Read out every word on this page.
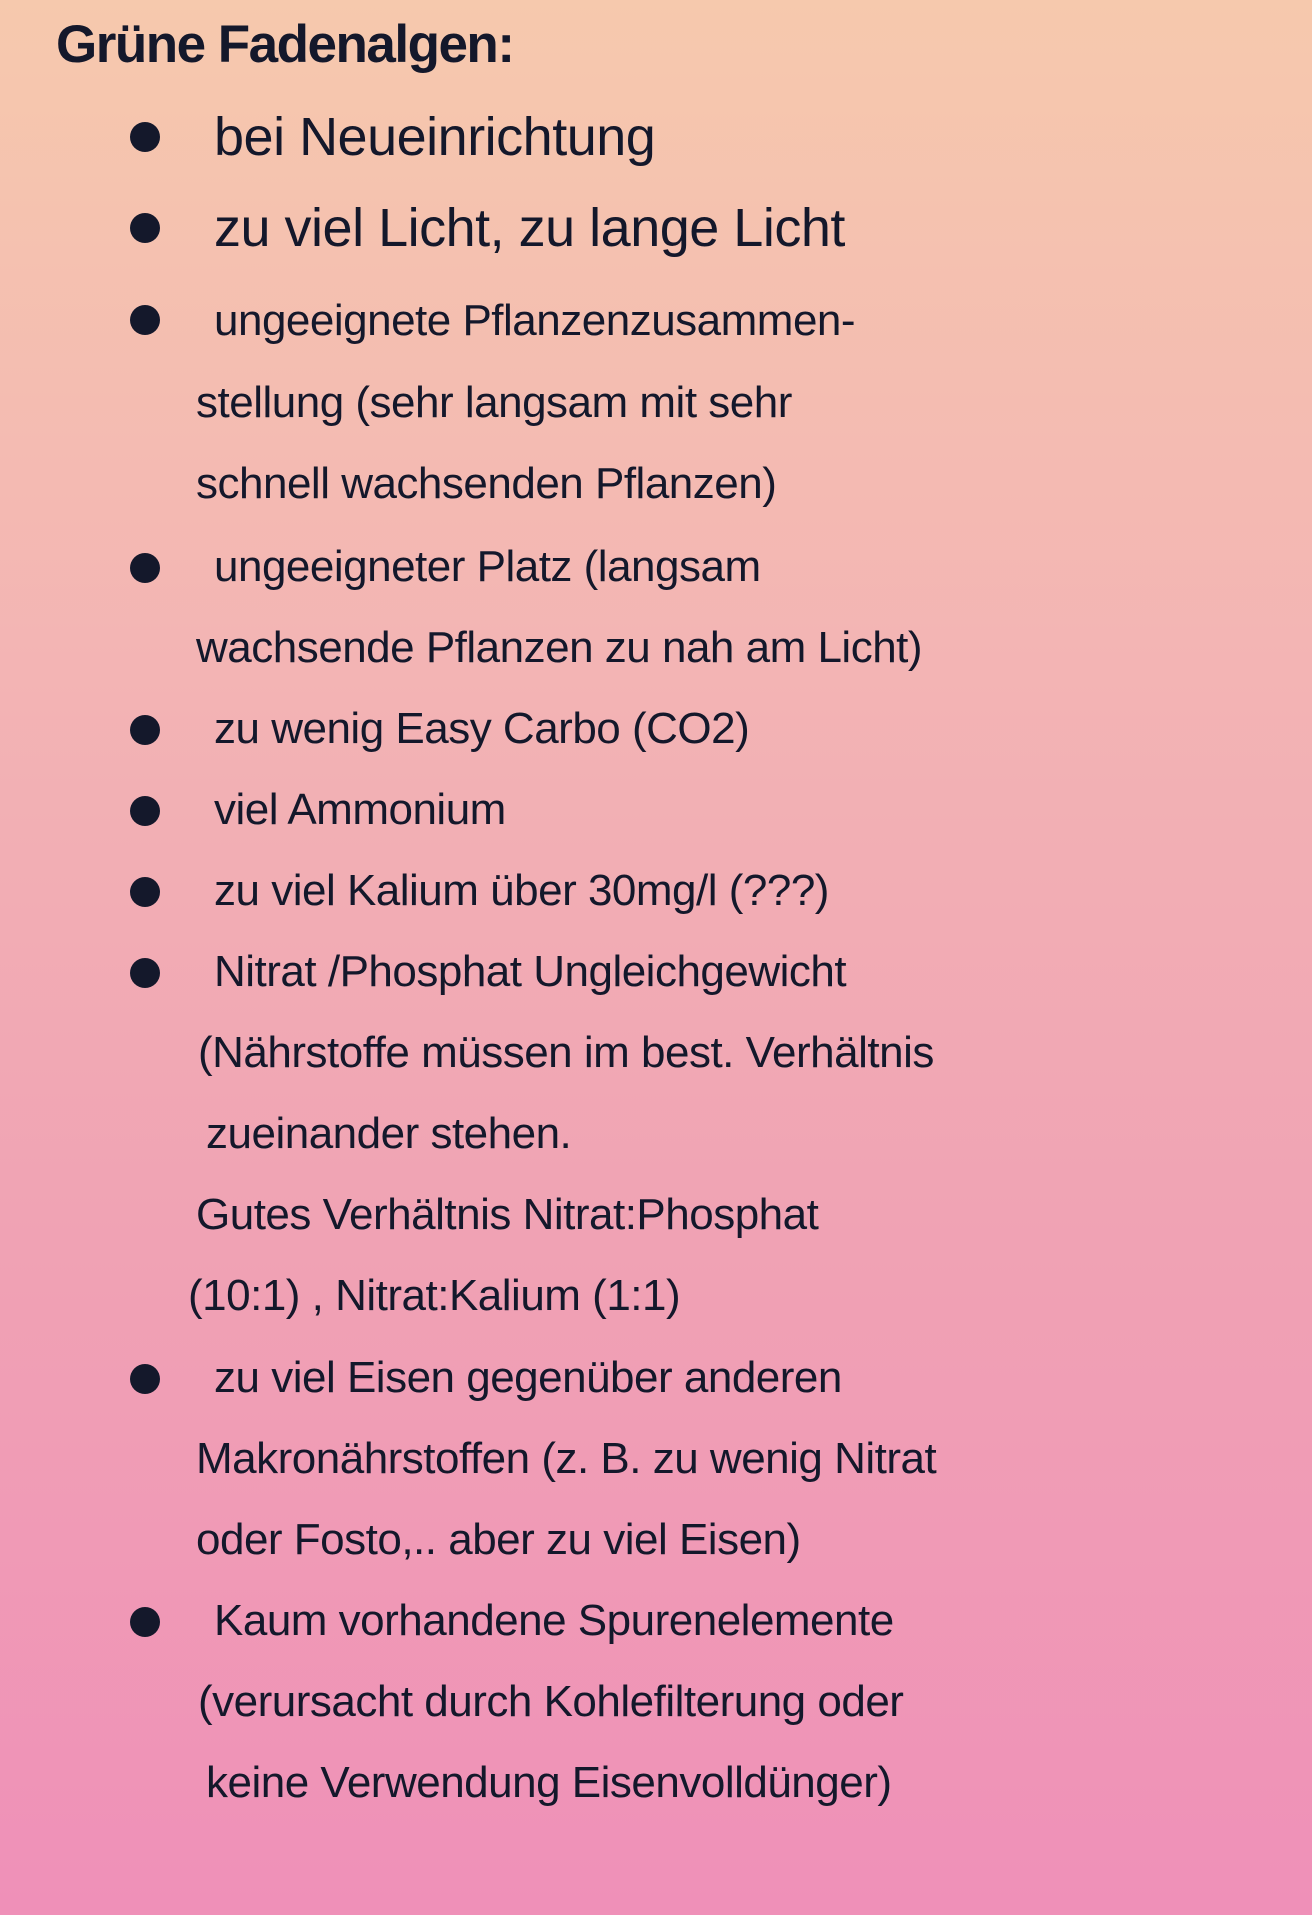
Grüne Fadenalgen:
bei Neueinrichtung
zu viel Licht, zu lange Licht
ungeeignete Pflanzenzusammen-
stellung (sehr langsam mit sehr
schnell wachsenden Pflanzen)
ungeeigneter Platz (langsam
wachsende Pflanzen zu nah am Licht)
zu wenig Easy Carbo (CO2)
viel Ammonium
zu viel Kalium über 30mg/l (???)
Nitrat /Phosphat Ungleichgewicht
(Nährstoffe müssen im best. Verhältnis
zueinander stehen.
Gutes Verhältnis Nitrat:Phosphat
(10:1) , Nitrat:Kalium (1:1)
zu viel Eisen gegenüber anderen
Makronährstoffen (z. B. zu wenig Nitrat
oder Fosto,.. aber zu viel Eisen)
Kaum vorhandene Spurenelemente
(verursacht durch Kohlefilterung oder
keine Verwendung Eisenvolldünger)
